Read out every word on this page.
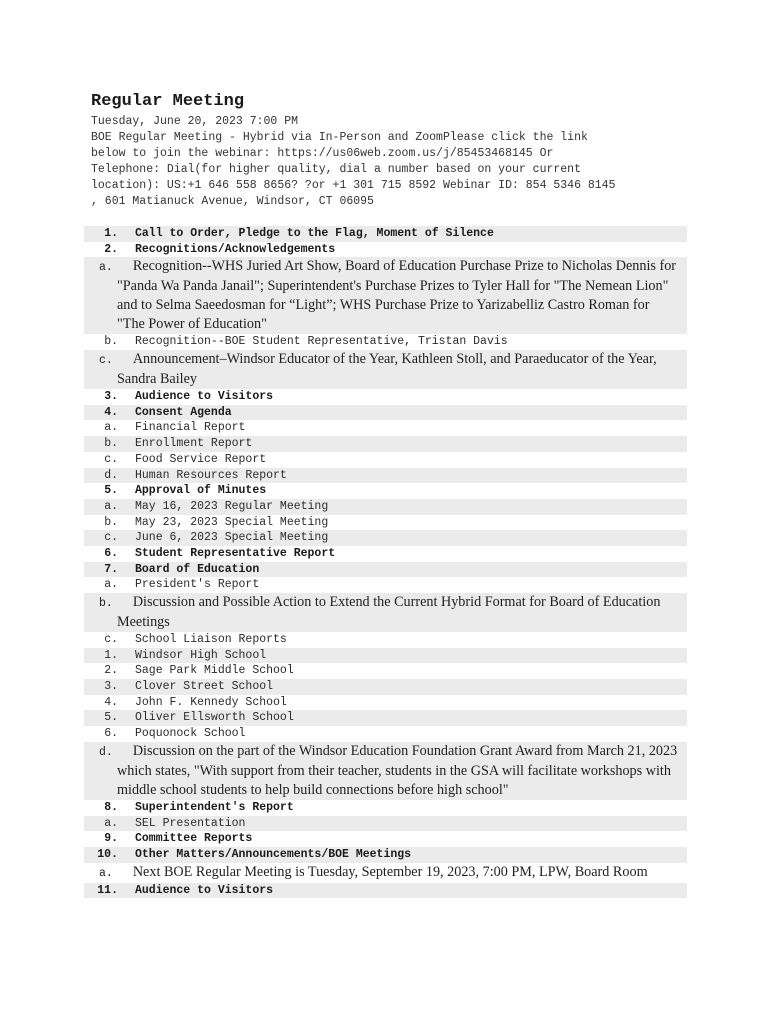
Regular Meeting
Tuesday, June 20, 2023 7:00 PM
BOE Regular Meeting - Hybrid via In-Person and ZoomPlease click the link
below to join the webinar: https://us06web.zoom.us/j/85453468145 Or
Telephone: Dial(for higher quality, dial a number based on your current
location): US:+1 646 558 8656? ?or +1 301 715 8592 Webinar ID: 854 5346 8145
, 601 Matianuck Avenue, Windsor, CT 06095
1. Call to Order, Pledge to the Flag, Moment of Silence
2. Recognitions/Acknowledgements
a. Recognition--WHS Juried Art Show, Board of Education Purchase Prize to Nicholas Dennis for "Panda Wa Panda Janail"; Superintendent's Purchase Prizes to Tyler Hall for "The Nemean Lion" and to Selma Saeedosman for “Light”; WHS Purchase Prize to Yarizabelliz Castro Roman for "The Power of Education"
b. Recognition--BOE Student Representative, Tristan Davis
c. Announcement–Windsor Educator of the Year, Kathleen Stoll, and Paraeducator of the Year, Sandra Bailey
3. Audience to Visitors
4. Consent Agenda
a. Financial Report
b. Enrollment Report
c. Food Service Report
d. Human Resources Report
5. Approval of Minutes
a. May 16, 2023 Regular Meeting
b. May 23, 2023 Special Meeting
c. June 6, 2023 Special Meeting
6. Student Representative Report
7. Board of Education
a. President's Report
b. Discussion and Possible Action to Extend the Current Hybrid Format for Board of Education Meetings
c. School Liaison Reports
1. Windsor High School
2. Sage Park Middle School
3. Clover Street School
4. John F. Kennedy School
5. Oliver Ellsworth School
6. Poquonock School
d. Discussion on the part of the Windsor Education Foundation Grant Award from March 21, 2023 which states, "With support from their teacher, students in the GSA will facilitate workshops with middle school students to help build connections before high school"
8. Superintendent's Report
a. SEL Presentation
9. Committee Reports
10. Other Matters/Announcements/BOE Meetings
a. Next BOE Regular Meeting is Tuesday, September 19, 2023, 7:00 PM, LPW, Board Room
11. Audience to Visitors
